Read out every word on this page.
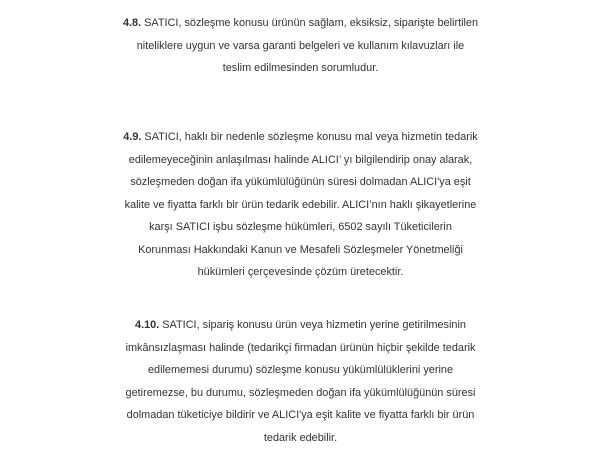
4.8. SATICI, sözleşme konusu ürünün sağlam, eksiksiz, siparişte belirtilen
niteliklere uygun ve varsa garanti belgeleri ve kullanım kılavuzları ile
teslim edilmesinden sorumludur.
4.9. SATICI, haklı bir nedenle sözleşme konusu mal veya hizmetin tedarik
edilemeyeceğinin anlaşılması halinde ALICI’ yı bilgilendirip onay alarak,
sözleşmeden doğan ifa yükümlülüğünün süresi dolmadan ALICI'ya eşit
kalite ve fiyatta farklı bir ürün tedarik edebilir. ALICI’nın haklı şikayetlerine
karşı SATICI işbu sözleşme hükümleri, 6502 sayılı Tüketicilerin
Korunması Hakkındaki Kanun ve Mesafeli Sözleşmeler Yönetmeliği
hükümleri çerçevesinde çözüm üretecektir.
4.10. SATICI, sipariş konusu ürün veya hizmetin yerine getirilmesinin
imkânsızlaşması halinde (tedarikçi firmadan ürünün hiçbir şekilde tedarik
edilememesi durumu) sözleşme konusu yükümlülüklerini yerine
getiremezse, bu durumu, sözleşmeden doğan ifa yükümlülüğünün süresi
dolmadan tüketiciye bildirir ve ALICI'ya eşit kalite ve fiyatta farklı bir ürün
tedarik edebilir.
